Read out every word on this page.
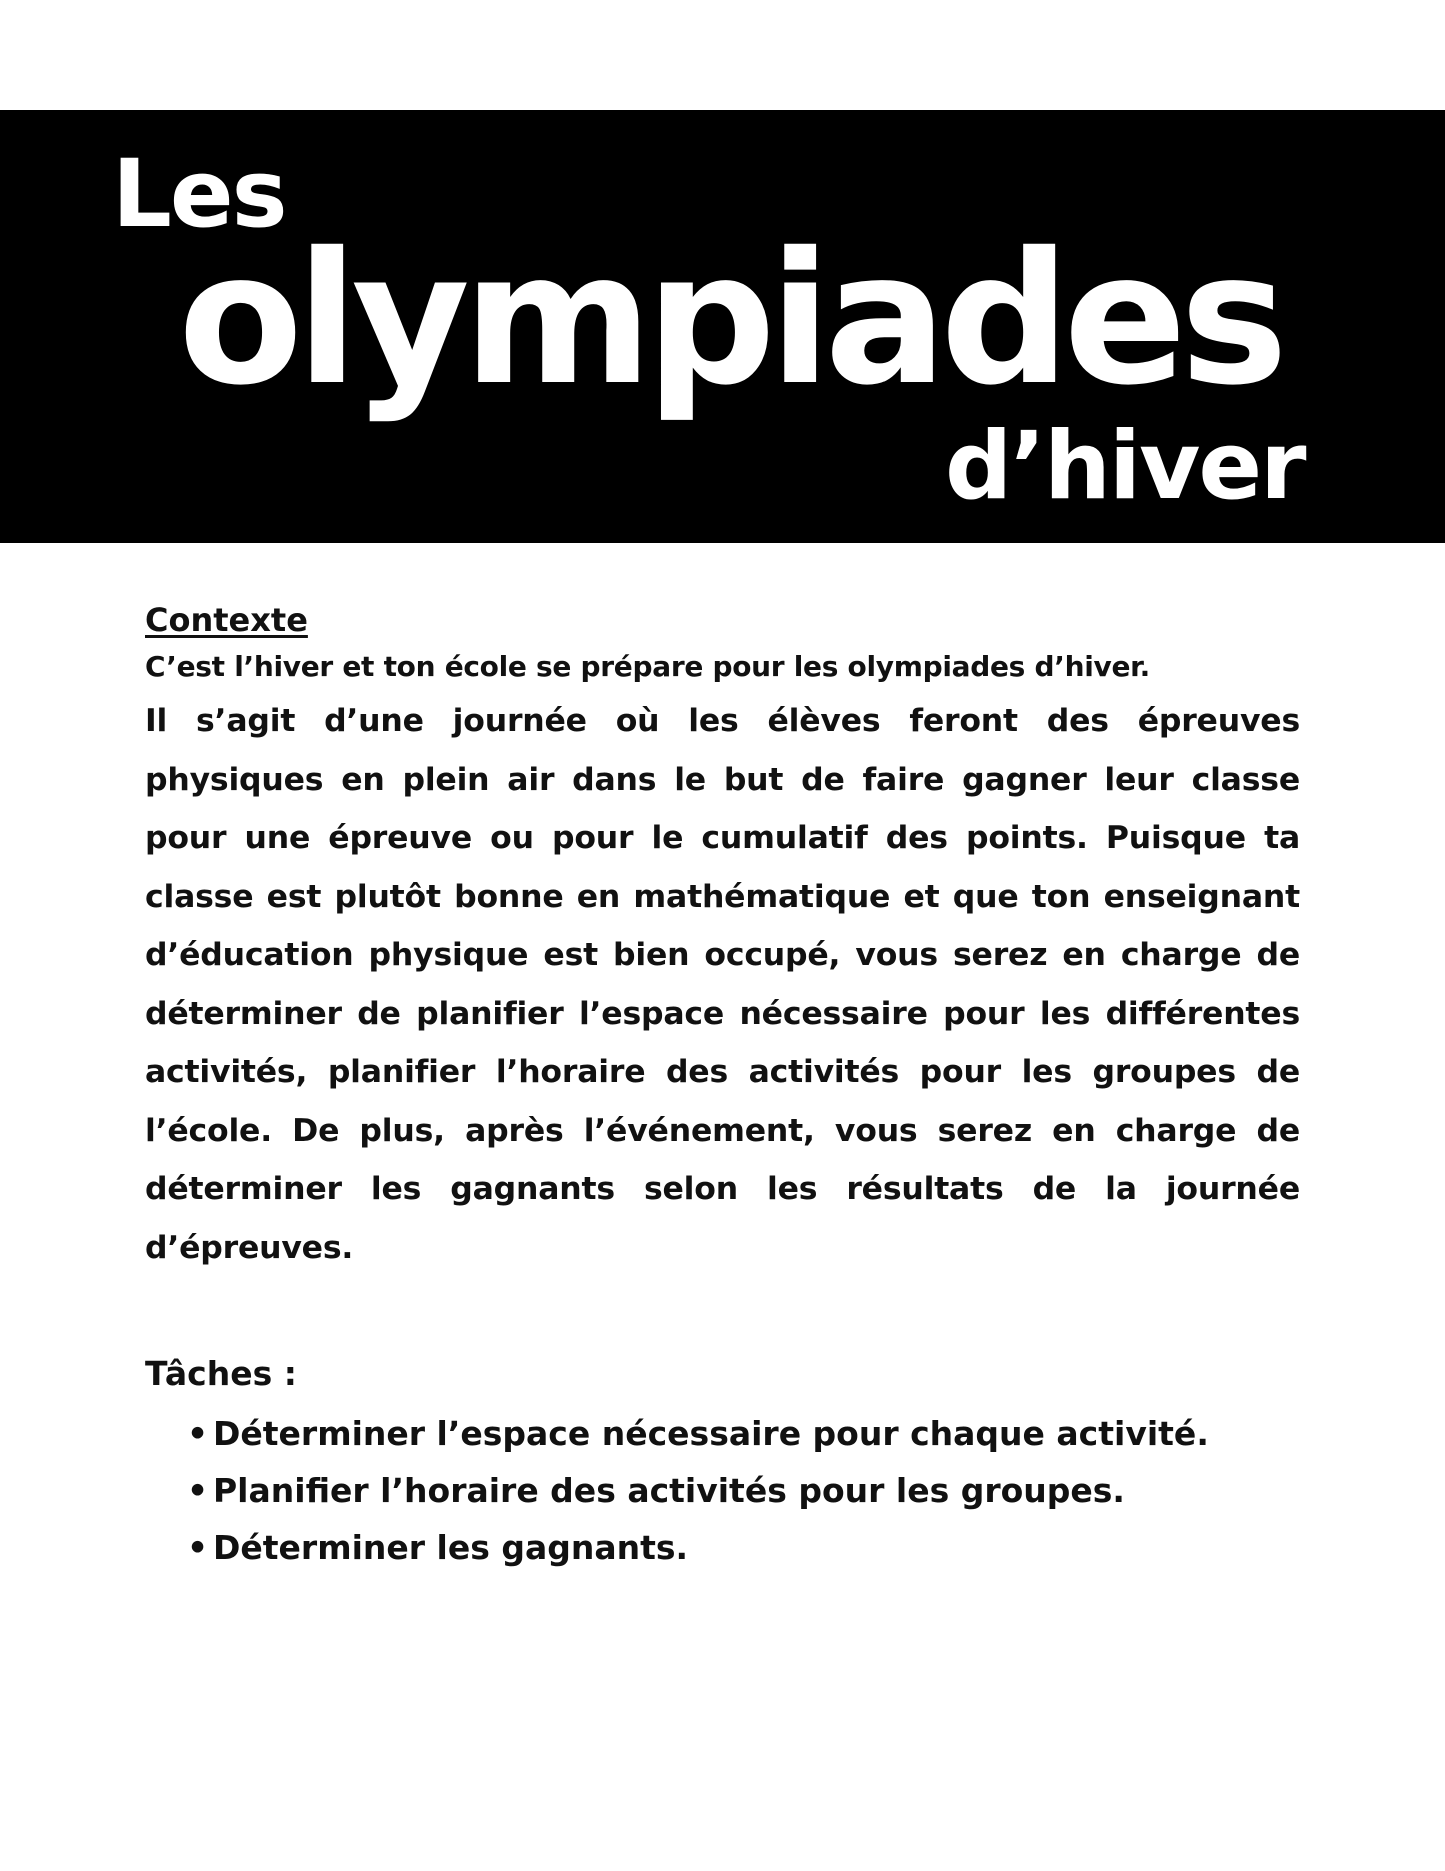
Les
olympiades
d’hiver

Contexte

C’est l’hiver et ton école se prépare pour les olympiades d’hiver.

Il s’agit d’une journée où les élèves feront des épreuves physiques en plein air dans le but de faire gagner leur classe pour une épreuve ou pour le cumulatif des points. Puisque ta classe est plutôt bonne en mathématique et que ton enseignant d’éducation physique est bien occupé, vous serez en charge de déterminer de planifier l’espace nécessaire pour les différentes activités, planifier l’horaire des activités pour les groupes de l’école. De plus, après l’événement, vous serez en charge de déterminer les gagnants selon les résultats de la journée d’épreuves.

Tâches :

• Déterminer l’espace nécessaire pour chaque activité.
• Planifier l’horaire des activités pour les groupes.
• Déterminer les gagnants.
